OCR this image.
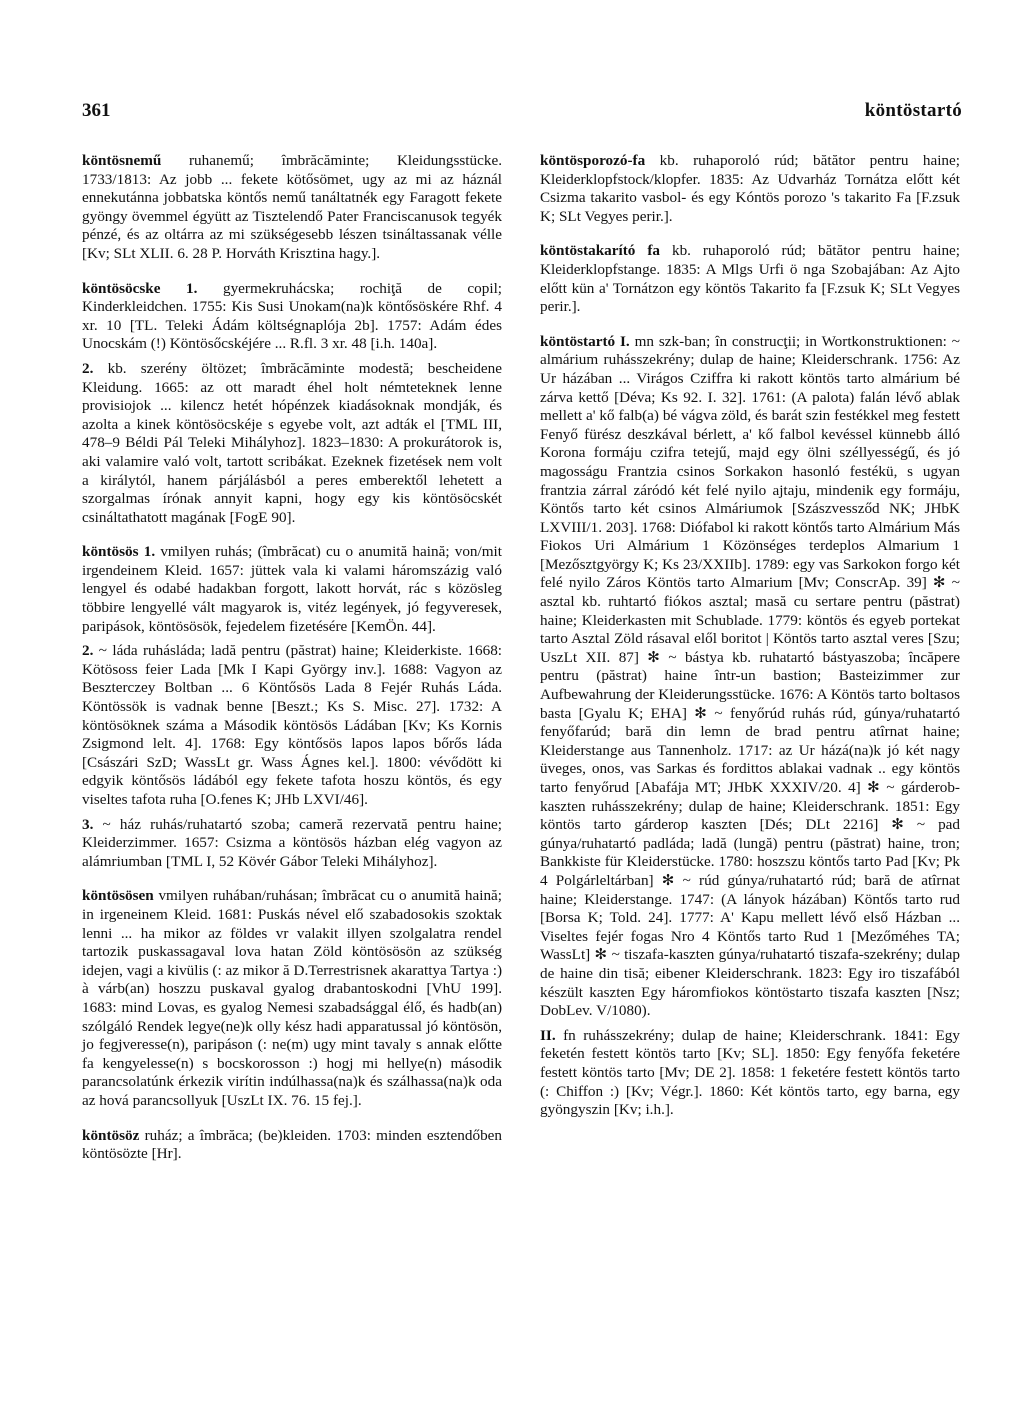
361	köntöstartó

köntösnemű ruhanemű; îmbrăcăminte; Kleidungsstücke. 1733/1813: Az jobb ... fekete kötősömet, ugy az mi az háznál ennekutánna jobbatska köntős nemű tanáltatnék egy Faragott fekete gyöngy övemmel égyütt az Tisztelendő Pater Franciscanusok tegyék pénzé, és az oltárra az mi szükségesebb lészen tsináltassanak vélle [Kv; SLt XLII. 6. 28 P. Horváth Krisztina hagy.].

köntösöcske 1. gyermekruhácska; rochiţă de copil; Kinderkleidchen. 1755: Kis Susi Unokam(na)k köntősöskére Rhf. 4 xr. 10 [TL. Teleki Ádám költségnaplója 2b]. 1757: Adám édes Unocskám (!) Köntösőcskéjére ... R.fl. 3 xr. 48 [i.h. 140a].

2. kb. szerény öltözet; îmbrăcăminte modestă; bescheidene Kleidung. 1665: az ott maradt éhel holt némteteknek lenne provisiojok ... kilencz hetét hópénzek kiadásoknak mondják, és azolta a kinek köntösöcskéje s egyebe volt, azt adták el [TML III, 478–9 Béldi Pál Teleki Mihályhoz]. 1823–1830: A prokurátorok is, aki valamire való volt, tartott scribákat. Ezeknek fizetések nem volt a királytól, hanem párjálásból a peres emberektől lehetett a szorgalmas írónak annyit kapni, hogy egy kis köntösöcskét csináltathatott magának [FogE 90].

köntösös 1. vmilyen ruhás; (îmbrăcat) cu o anumită haină; von/mit irgendeinem Kleid. 1657: jüttek vala ki valami háromszázig való lengyel és odabé hadakban forgott, lakott horvát, rác s közösleg többire lengyellé vált magyarok is, vitéz legények, jó fegyveresek, paripások, köntösösök, fejedelem fizetésére [KemÖn. 44].

2. ~ láda ruhásláda; ladă pentru (păstrat) haine; Kleiderkiste. 1668: Kötösoss feier Lada [Mk I Kapi György inv.]. 1688: Vagyon az Beszterczey Boltban ... 6 Köntősös Lada 8 Fejér Ruhás Láda. Köntössök is vadnak benne [Beszt.; Ks S. Misc. 27]. 1732: A köntösöknek száma a Második köntösös Ládában [Kv; Ks Kornis Zsigmond lelt. 4]. 1768: Egy köntősös lapos lapos bőrős láda [Császári SzD; WassLt gr. Wass Ágnes kel.]. 1800: vévődött ki edgyik köntősös ládából egy fekete tafota hoszu köntös, és egy viseltes tafota ruha [O.fenes K; JHb LXVI/46].

3. ~ ház ruhás/ruhatartó szoba; cameră rezervată pentru haine; Kleiderzimmer. 1657: Csizma a köntösös házban elég vagyon az alámriumban [TML I, 52 Kövér Gábor Teleki Mihályhoz].

köntösösen vmilyen ruhában/ruhásan; îmbrăcat cu o anumită haină; in irgeneinem Kleid. 1681: Puskás nével elő szabadosokis szoktak lenni ... ha mikor az földes vr valakit illyen szolgalatra rendel tartozik puskassagaval lova hatan Zöld köntösösön az szükség idejen, vagi a kivülis (: az mikor ă D.Terrestrisnek akarattya Tartya :) à várb(an) hoszzu puskaval gyalog drabantoskodni [VhU 199]. 1683: mind Lovas, es gyalog Nemesi szabadsággal élő, és hadb(an) szólgáló Rendek legye(ne)k olly kész hadi apparatussal jó köntösön, jo fegjveresse(n), paripáson (: ne(m) ugy mint tavaly s annak előtte fa kengyelesse(n) s bocskorosson :) hogj mi hellye(n) második parancsolatúnk érkezik virítin indúlhassa(na)k és szálhassa(na)k oda az hová parancsollyuk [UszLt IX. 76. 15 fej.].

köntösöz ruház; a îmbrăca; (be)kleiden. 1703: minden esztendőben köntösözte [Hr].

köntösporozó-fa kb. ruhaporoló rúd; bătător pentru haine; Kleiderklopfstock/klopfer. 1835: Az Udvarház Tornátza előtt két Csizma takarito vasbol- és egy Kóntös porozo 's takarito Fa [F.zsuk K; SLt Vegyes perir.].

köntöstakarító fa kb. ruhaporoló rúd; bătător pentru haine; Kleiderklopfstange. 1835: A Mlgs Urfi ö nga Szobajában: Az Ajto előtt kün a' Tornátzon egy köntös Takarito fa [F.zsuk K; SLt Vegyes perir.].

köntöstartó I. mn szk-ban; în construcţii; in Wortkonstruktionen: ~ almárium ruhásszekrény; dulap de haine; Kleiderschrank. 1756: Az Ur házában ... Virágos Cziffra ki rakott köntös tarto almárium bé zárva kettő [Déva; Ks 92. I. 32]. 1761: (A palota) falán lévő ablak mellett a' kő falb(a) bé vágva zöld, és barát szin festékkel meg festett Fenyő fürész deszkával bérlett, a' kő falbol kevéssel künnebb álló Korona formáju czifra tetejű, majd egy ölni széllyességű, és jó magosságu Frantzia csinos Sorkakon hasonló festékü, s ugyan frantzia zárral záródó két felé nyilo ajtaju, mindenik egy formáju, Köntős tarto két csinos Almáriumok [Szászvessződ NK; JHbK LXVIII/1. 203]. 1768: Diófabol ki rakott köntős tarto Almárium Más Fiokos Uri Almárium 1 Közönséges terdeplos Almarium 1 [Mezősztgyörgy K; Ks 23/XXIIb]. 1789: egy vas Sarkokon forgo két felé nyilo Záros Köntös tarto Almarium [Mv; ConscrAp. 39] ✻ ~ asztal kb. ruhtartó fiókos asztal; masă cu sertare pentru (păstrat) haine; Kleiderkasten mit Schublade. 1779: köntös és egyeb portekat tarto Asztal Zöld rásaval elől boritot | Köntös tarto asztal veres [Szu; UszLt XII. 87] ✻ ~ bástya kb. ruhatartó bástyaszoba; încăpere pentru (păstrat) haine într-un bastion; Basteizimmer zur Aufbewahrung der Kleiderungsstücke. 1676: A Köntös tarto boltasos basta [Gyalu K; EHA] ✻ ~ fenyőrúd ruhás rúd, gúnya/ruhatartó fenyőfarúd; bară din lemn de brad pentru atîrnat haine; Kleiderstange aus Tannenholz. 1717: az Ur házá(na)k jó két nagy üveges, onos, vas Sarkas és fordittos ablakai vadnak .. egy köntös tarto fenyőrud [Abafája MT; JHbK XXXIV/20. 4] ✻ ~ gárderob-kaszten ruhásszekrény; dulap de haine; Kleiderschrank. 1851: Egy köntös tarto gárderop kaszten [Dés; DLt 2216] ✻ ~ pad gúnya/ruhatartó padláda; ladă (lungă) pentru (păstrat) haine, tron; Bankkiste für Kleiderstücke. 1780: hoszszu köntős tarto Pad [Kv; Pk 4 Polgárleltárban] ✻ ~ rúd gúnya/ruhatartó rúd; bară de atîrnat haine; Kleiderstange. 1747: (A lányok házában) Köntős tarto rud [Borsa K; Told. 24]. 1777: A' Kapu mellett lévő első Házban ... Viseltes fejér fogas Nro 4 Köntős tarto Rud 1 [Mezőméhes TA; WassLt] ✻ ~ tiszafa-kaszten gúnya/ruhatartó tiszafa-szekrény; dulap de haine din tisă; eibener Kleiderschrank. 1823: Egy iro tiszafából készült kaszten Egy háromfiokos köntöstarto tiszafa kaszten [Nsz; DobLev. V/1080).

II. fn ruhásszekrény; dulap de haine; Kleiderschrank. 1841: Egy feketén festett köntös tarto [Kv; SL]. 1850: Egy fenyőfa feketére festett köntös tarto [Mv; DE 2]. 1858: 1 feketére festett köntös tarto (: Chiffon :) [Kv; Végr.]. 1860: Két köntös tarto, egy barna, egy gyöngyszin [Kv; i.h.].
